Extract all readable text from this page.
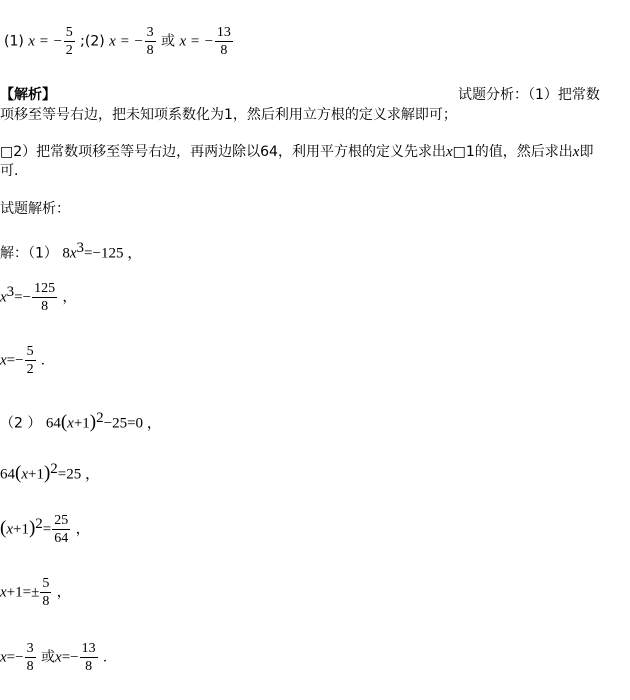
(1) x = − $\frac{5}{2}$ ;(2) x = − $\frac{3}{8}$ 或 x = − $\frac{13}{8}$
【解析】	试题分析：（1）把常数
项移至等号右边，把未知项系数化为1，然后利用立方根的定义求解即可；
□2）把常数项移至等号右边，再两边除以64，利用平方根的定义先求出x□1的值，然后求出x即
可.
试题解析：
解：（1） $8x^3=-125$ ，
$x^3=- \frac{125}{8}$ ，
$x=- \frac{5}{2}$ .
（2 ） $64(x+1)^2-25=0$ ，
$64(x+1)^2=25$ ，
$(x+1)^2= \frac{25}{64}$ ，
$x+1=\pm \frac{5}{8}$ ，
$x=- \frac{3}{8}$ 或$x=- \frac{13}{8}$ .
